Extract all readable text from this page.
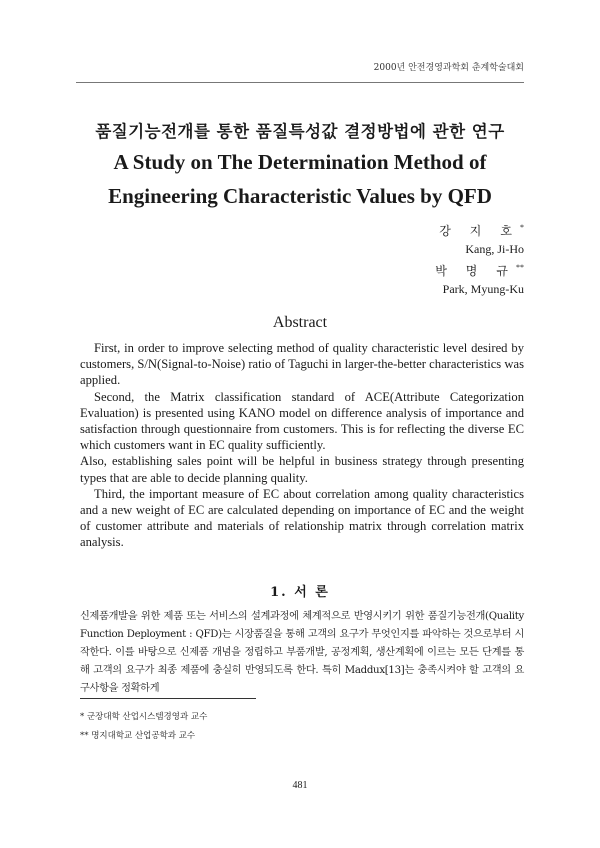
2000년 안전경영과학회 춘계학술대회
품질기능전개를 통한 품질특성값 결정방법에 관한 연구
A Study on The Determination Method of
Engineering Characteristic Values by QFD
강 지 호*
Kang, Ji-Ho
박 명 규**
Park, Myung-Ku
Abstract

First, in order to improve selecting method of quality characteristic level desired by customers, S/N(Signal-to-Noise) ratio of Taguchi in larger-the-better characteristics was applied.

Second, the Matrix classification standard of ACE(Attribute Categorization Evaluation) is presented using KANO model on difference analysis of importance and satisfaction through questionnaire from customers. This is for reflecting the diverse EC which customers want in EC quality sufficiently.

Also, establishing sales point will be helpful in business strategy through presenting types that are able to decide planning quality.

Third, the important measure of EC about correlation among quality characteristics and a new weight of EC are calculated depending on importance of EC and the weight of customer attribute and materials of relationship matrix through correlation matrix analysis.

1. 서 론

신제품개발을 위한 제품 또는 서비스의 설계과정에 체계적으로 반영시키기 위한 품질기능전개(Quality Function Deployment : QFD)는 시장품질을 통해 고객의 요구가 무엇인지를 파악하는 것으로부터 시작한다. 이를 바탕으로 신제품 개념을 정립하고 부품개발, 공정계획, 생산계획에 이르는 모든 단계를 통해 고객의 요구가 최종 제품에 충실히 반영되도록 한다. 특히 Maddux[13]는 충족시켜야 할 고객의 요구사항을 정확하게

* 군장대학 산업시스템경영과 교수
** 명지대학교 산업공학과 교수
481
